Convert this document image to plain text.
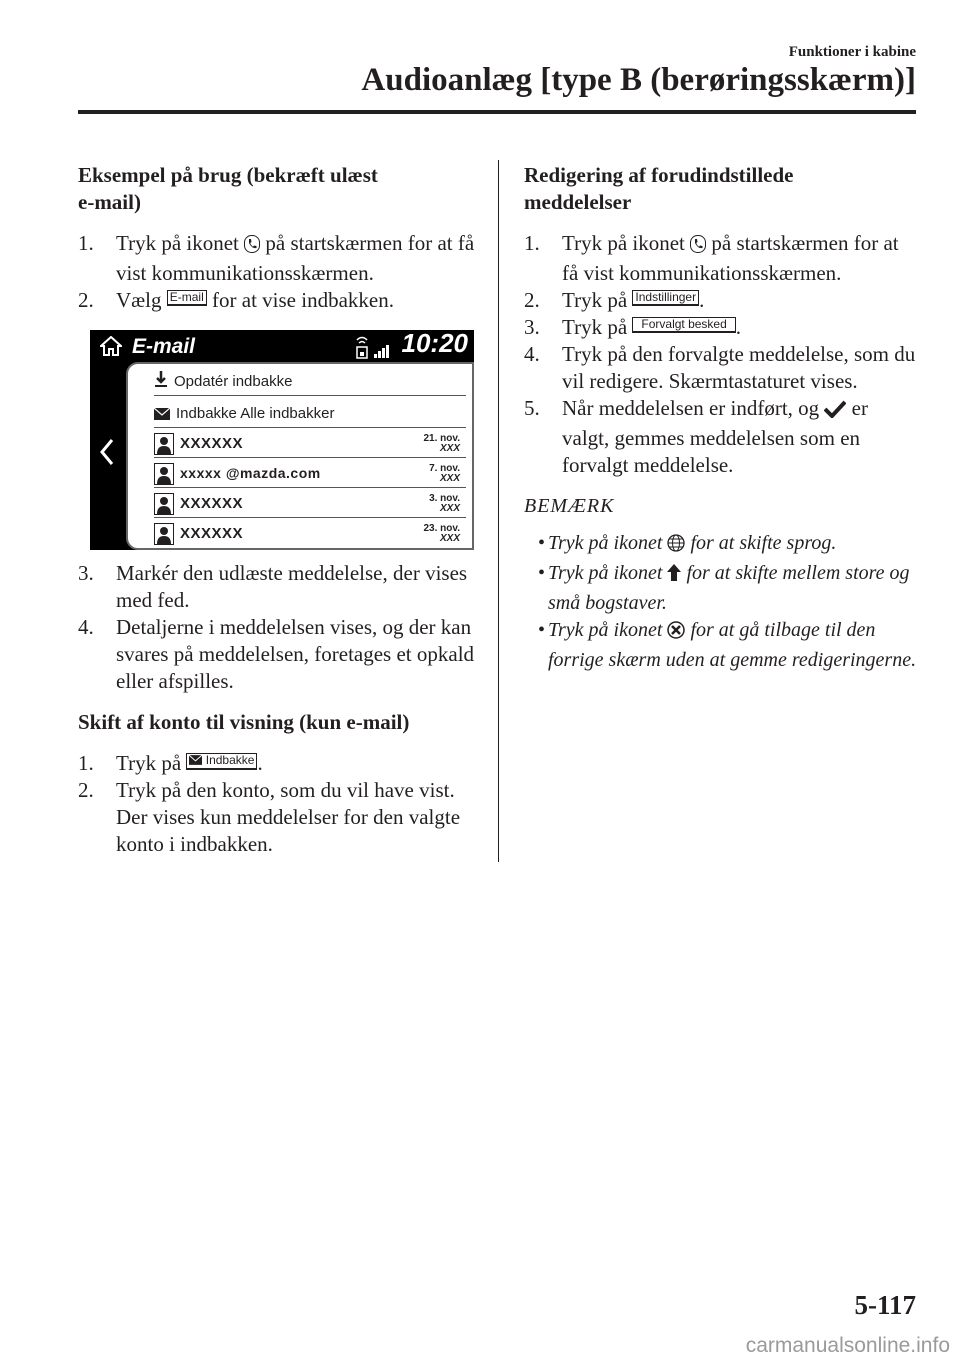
Funktioner i kabine
Audioanlæg [type B (berøringsskærm)]
Eksempel på brug (bekræft ulæst
e-mail)
1.	Tryk på ikonet på startskærmen for at få vist kommunikationsskærmen.
2.	Vælg E-mail for at vise indbakken.
E-mail	10:20
Opdatér indbakke
Indbakke Alle indbakker
XXXXXX	21. nov.
XXX
xxxxx @mazda.com	7. nov.
XXX
XXXXXX	3. nov.
XXX
XXXXXX	23. nov.
XXX
3.	Markér den udlæste meddelelse, der vises med fed.
4.	Detaljerne i meddelelsen vises, og der kan svares på meddelelsen, foretages et opkald eller afspilles.
Skift af konto til visning (kun e-mail)
1.	Tryk på Indbakke .
2.	Tryk på den konto, som du vil have vist. Der vises kun meddelelser for den valgte konto i indbakken.
Redigering af forudindstillede
meddelelser
1.	Tryk på ikonet på startskærmen for at få vist kommunikationsskærmen.
2.	Tryk på Indstillinger .
3.	Tryk på Forvalgt besked .
4.	Tryk på den forvalgte meddelelse, som du vil redigere. Skærmtastaturet vises.
5.	Når meddelelsen er indført, og er valgt, gemmes meddelelsen som en forvalgt meddelelse.
BEMÆRK
• Tryk på ikonet for at skifte sprog.
• Tryk på ikonet for at skifte mellem store og små bogstaver.
• Tryk på ikonet for at gå tilbage til den forrige skærm uden at gemme redigeringerne.
5-117
carmanualsonline.info
